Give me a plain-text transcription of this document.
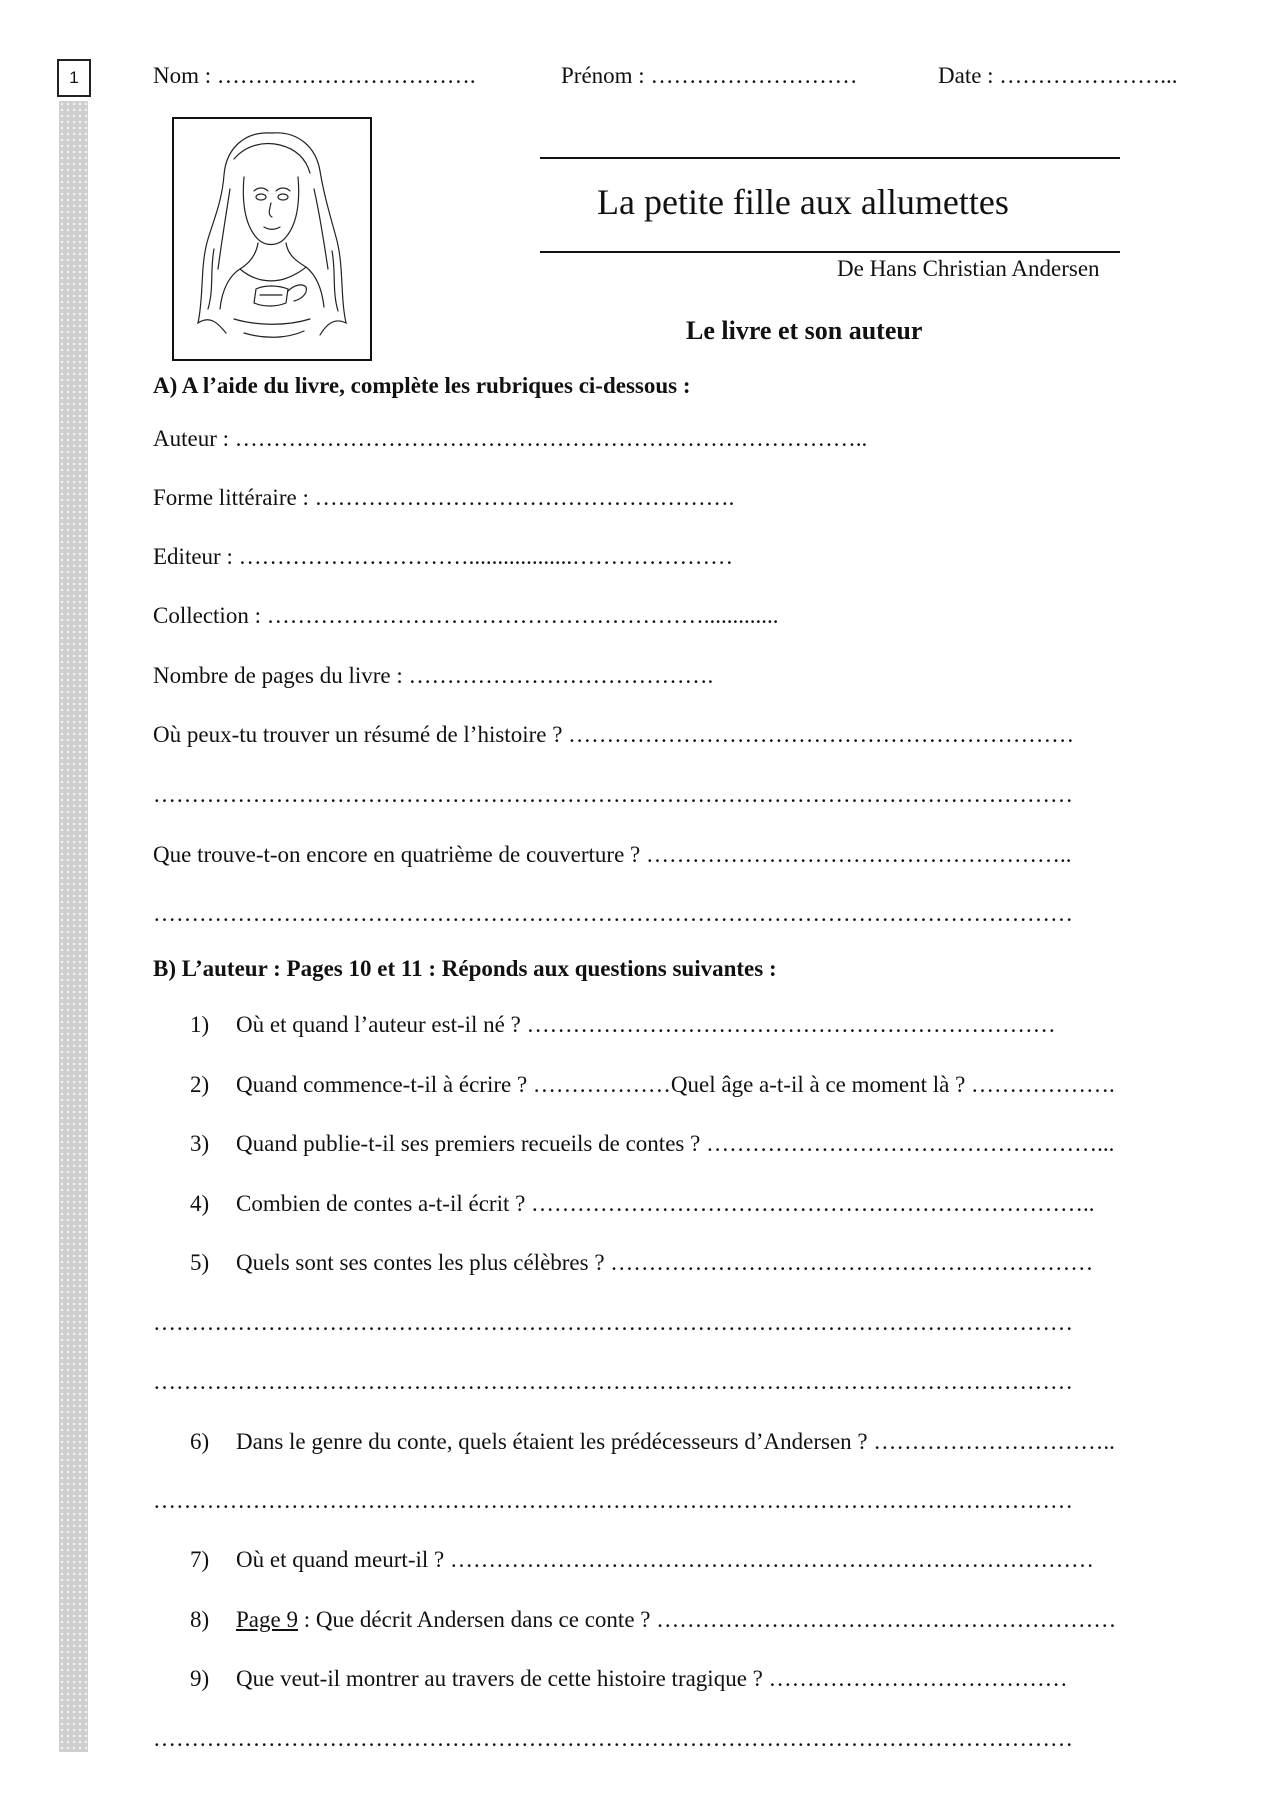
1	Nom : …………………………….	Prénom : ………………………	Date : …………………...
La petite fille aux allumettes
De Hans Christian Andersen
Le livre et son auteur
A) A l’aide du livre, complète les rubriques ci-dessous :
Auteur : ………………………………………………………………………..
Forme littéraire : ……………………………………………….
Editeur : …………………………..................…………………
Collection : ………………………………………………….............
Nombre de pages du livre : ………………………………….
Où peux-tu trouver un résumé de l’histoire ? …………………………………………………………
…………………………………………………………………………………………………………
Que trouve-t-on encore en quatrième de couverture ? ………………………………………………..
…………………………………………………………………………………………………………
B) L’auteur : Pages 10 et 11 : Réponds aux questions suivantes :
1) Où et quand l’auteur est-il né ? ……………………………………………………………
2) Quand commence-t-il à écrire ? ………………Quel âge a-t-il à ce moment là ? ……………….
3) Quand publie-t-il ses premiers recueils de contes ? ……………………………………………...
4) Combien de contes a-t-il écrit ? ………………………………………………………………..
5) Quels sont ses contes les plus célèbres ? ………………………………………………………
…………………………………………………………………………………………………………
…………………………………………………………………………………………………………
6) Dans le genre du conte, quels étaient les prédécesseurs d’Andersen ? …………………………..
…………………………………………………………………………………………………………
7) Où et quand meurt-il ? …………………………………………………………………………
8) Page 9 : Que décrit Andersen dans ce conte ? ……………………………………………………
9) Que veut-il montrer au travers de cette histoire tragique ? …………………………………
…………………………………………………………………………………………………………
